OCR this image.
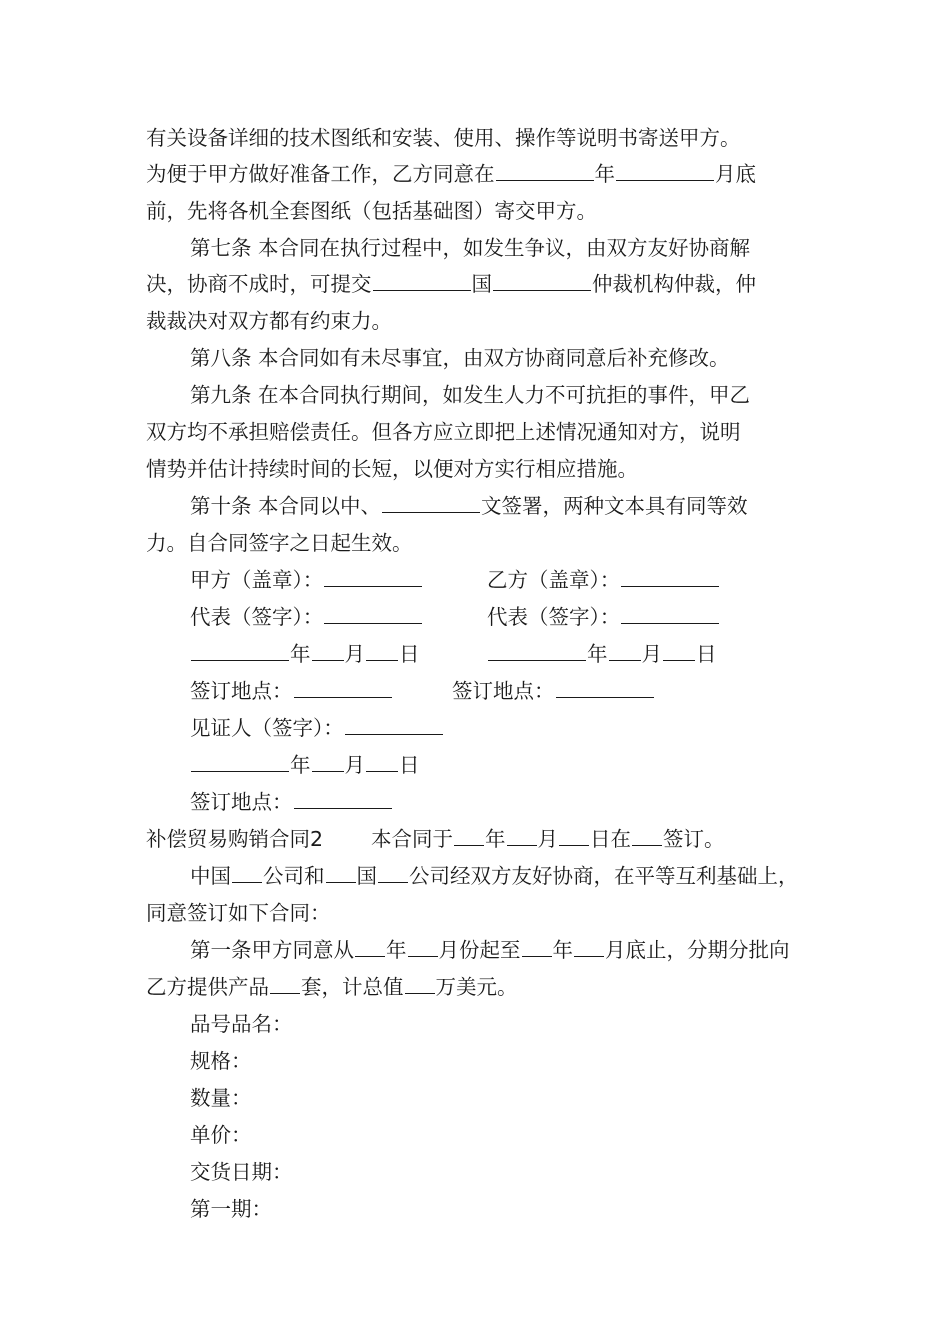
有关设备详细的技术图纸和安装、使用、操作等说明书寄送甲方。
为便于甲方做好准备工作，乙方同意在	年	月底
前，先将各机全套图纸（包括基础图）寄交甲方。
第七条 本合同在执行过程中，如发生争议，由双方友好协商解
决，协商不成时，可提交	国	仲裁机构仲裁，仲
裁裁决对双方都有约束力。
第八条 本合同如有未尽事宜，由双方协商同意后补充修改。
第九条 在本合同执行期间，如发生人力不可抗拒的事件，甲乙
双方均不承担赔偿责任。但各方应立即把上述情况通知对方，说明
情势并估计持续时间的长短，以便对方实行相应措施。
第十条 本合同以中、	文签署，两种文本具有同等效
力。自合同签字之日起生效。
甲方（盖章）：	乙方（盖章）：
代表（签字）：	代表（签字）：
年 月 日	年 月 日
签订地点：	签订地点：
见证人（签字）：
年 月 日
签订地点：
补偿贸易购销合同2 本合同于 年 月 日在 签订。
中国 公司和 国 公司经双方友好协商，在平等互利基础上，
同意签订如下合同：
第一条甲方同意从 年 月份起至 年 月底止，分期分批向
乙方提供产品 套，计总值 万美元。
品号品名：
规格：
数量：
单价：
交货日期：
第一期：
